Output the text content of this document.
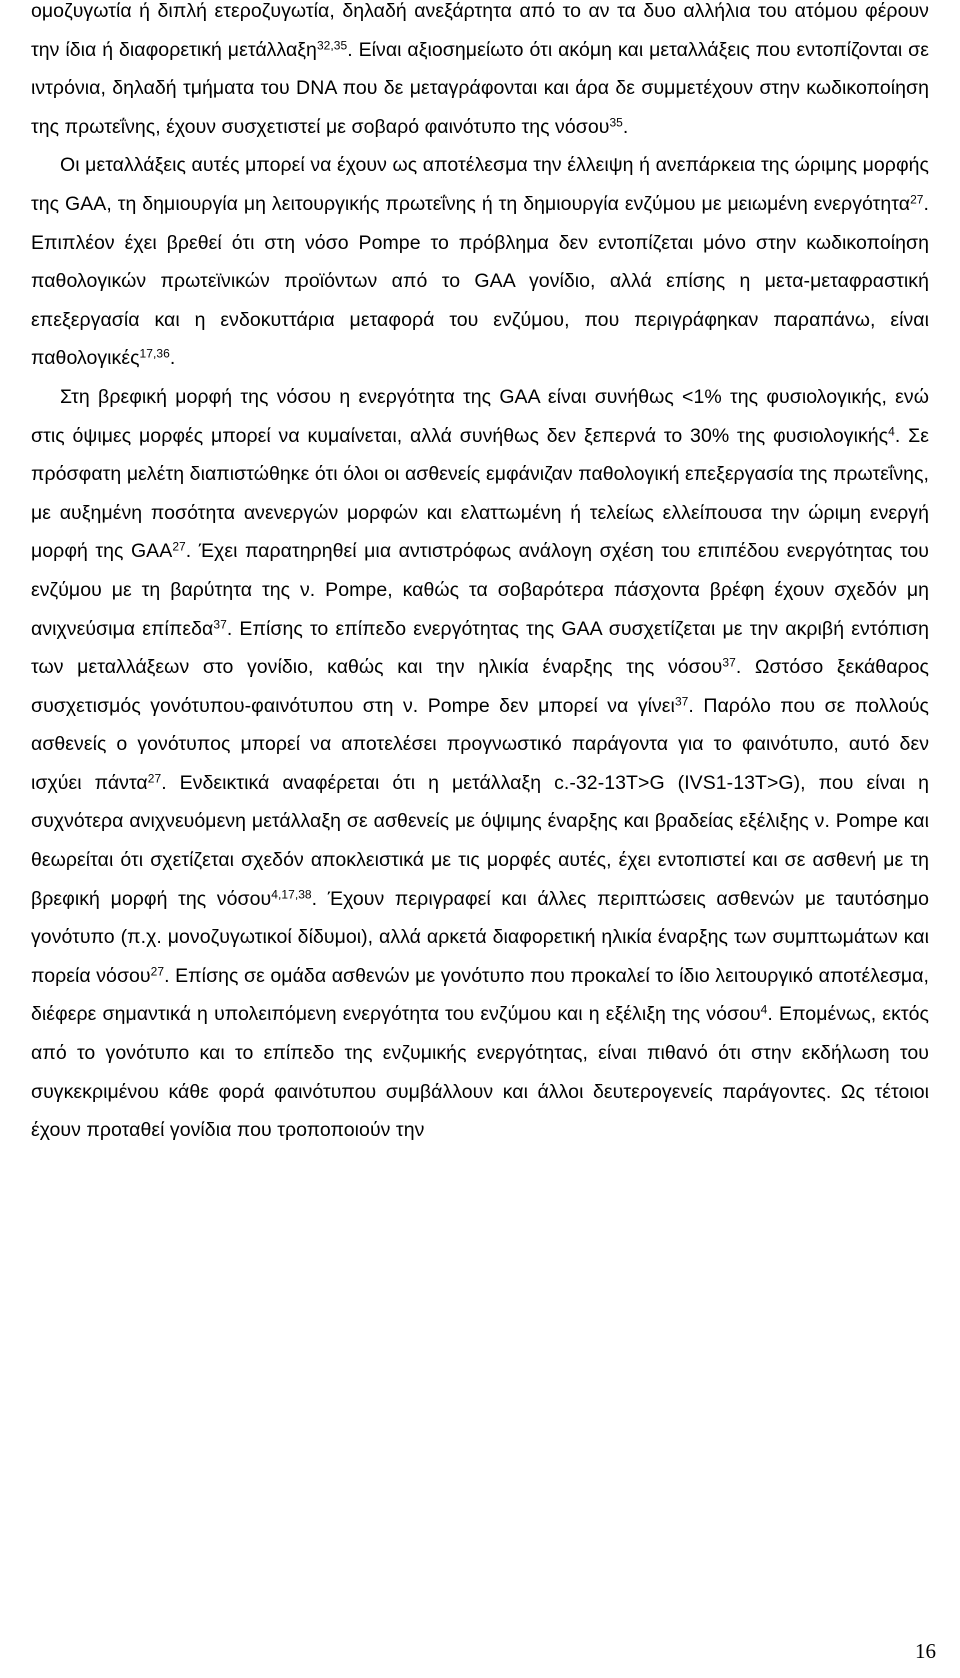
ομοζυγωτία ή διπλή ετεροζυγωτία, δηλαδή ανεξάρτητα από το αν τα δυο αλλήλια του ατόμου φέρουν την ίδια ή διαφορετική μετάλλαξη$^{32,35}$. Είναι αξιοσημείωτο ότι ακόμη και μεταλλάξεις που εντοπίζονται σε ιντρόνια, δηλαδή τμήματα του DNA που δε μεταγράφονται και άρα δε συμμετέχουν στην κωδικοποίηση της πρωτεΐνης, έχουν συσχετιστεί με σοβαρό φαινότυπο της νόσου$^{35}$.

Οι μεταλλάξεις αυτές μπορεί να έχουν ως αποτέλεσμα την έλλειψη ή ανεπάρκεια της ώριμης μορφής της GAA, τη δημιουργία μη λειτουργικής πρωτεΐνης ή τη δημιουργία ενζύμου με μειωμένη ενεργότητα$^{27}$. Επιπλέον έχει βρεθεί ότι στη νόσο Pompe το πρόβλημα δεν εντοπίζεται μόνο στην κωδικοποίηση παθολογικών πρωτεϊνικών προϊόντων από το GAA γονίδιο, αλλά επίσης η μετα-μεταφραστική επεξεργασία και η ενδοκυττάρια μεταφορά του ενζύμου, που περιγράφηκαν παραπάνω, είναι παθολογικές$^{17,36}$.

Στη βρεφική μορφή της νόσου η ενεργότητα της GAA είναι συνήθως <1% της φυσιολογικής, ενώ στις όψιμες μορφές μπορεί να κυμαίνεται, αλλά συνήθως δεν ξεπερνά το 30% της φυσιολογικής$^4$. Σε πρόσφατη μελέτη διαπιστώθηκε ότι όλοι οι ασθενείς εμφάνιζαν παθολογική επεξεργασία της πρωτεΐνης, με αυξημένη ποσότητα ανενεργών μορφών και ελαττωμένη ή τελείως ελλείπουσα την ώριμη ενεργή μορφή της GAA$^{27}$. Έχει παρατηρηθεί μια αντιστρόφως ανάλογη σχέση του επιπέδου ενεργότητας του ενζύμου με τη βαρύτητα της ν. Pompe, καθώς τα σοβαρότερα πάσχοντα βρέφη έχουν σχεδόν μη ανιχνεύσιμα επίπεδα$^{37}$. Επίσης το επίπεδο ενεργότητας της GAA συσχετίζεται με την ακριβή εντόπιση των μεταλλάξεων στο γονίδιο, καθώς και την ηλικία έναρξης της νόσου$^{37}$. Ωστόσο ξεκάθαρος συσχετισμός γονότυπου-φαινότυπου στη ν. Pompe δεν μπορεί να γίνει$^{37}$. Παρόλο που σε πολλούς ασθενείς ο γονότυπος μπορεί να αποτελέσει προγνωστικό παράγοντα για το φαινότυπο, αυτό δεν ισχύει πάντα$^{27}$. Ενδεικτικά αναφέρεται ότι η μετάλλαξη c.-32-13T>G (IVS1-13T>G), που είναι η συχνότερα ανιχνευόμενη μετάλλαξη σε ασθενείς με όψιμης έναρξης και βραδείας εξέλιξης ν. Pompe και θεωρείται ότι σχετίζεται σχεδόν αποκλειστικά με τις μορφές αυτές, έχει εντοπιστεί και σε ασθενή με τη βρεφική μορφή της νόσου$^{4,17,38}$. Έχουν περιγραφεί και άλλες περιπτώσεις ασθενών με ταυτόσημο γονότυπο (π.χ. μονοζυγωτικοί δίδυμοι), αλλά αρκετά διαφορετική ηλικία έναρξης των συμπτωμάτων και πορεία νόσου$^{27}$. Επίσης σε ομάδα ασθενών με γονότυπο που προκαλεί το ίδιο λειτουργικό αποτέλεσμα, διέφερε σημαντικά η υπολειπόμενη ενεργότητα του ενζύμου και η εξέλιξη της νόσου$^4$. Επομένως, εκτός από το γονότυπο και το επίπεδο της ενζυμικής ενεργότητας, είναι πιθανό ότι στην εκδήλωση του συγκεκριμένου κάθε φορά φαινότυπου συμβάλλουν και άλλοι δευτερογενείς παράγοντες. Ως τέτοιοι έχουν προταθεί γονίδια που τροποποιούν την

16
